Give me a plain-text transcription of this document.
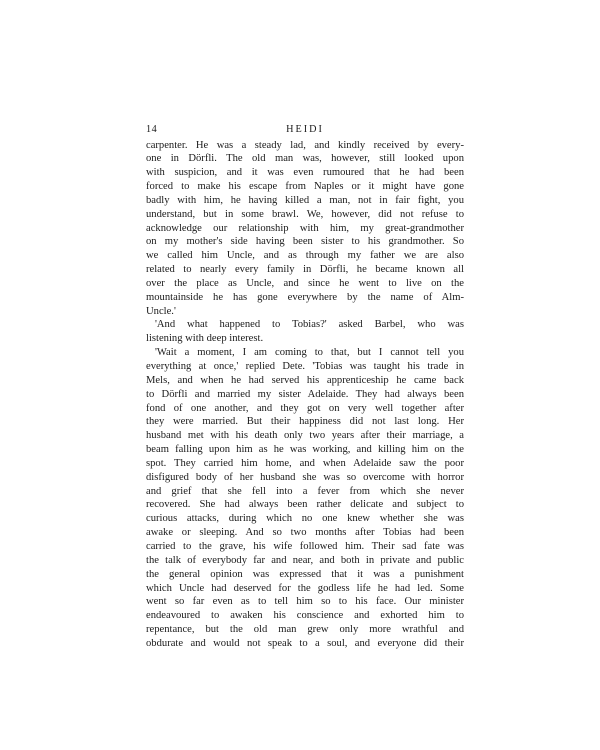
14	HEIDI
carpenter. He was a steady lad, and kindly received by every-
one in Dörfli. The old man was, however, still looked upon
with suspicion, and it was even rumoured that he had been
forced to make his escape from Naples or it might have gone
badly with him, he having killed a man, not in fair fight, you
understand, but in some brawl. We, however, did not refuse to
acknowledge our relationship with him, my great-grandmother
on my mother's side having been sister to his grandmother. So
we called him Uncle, and as through my father we are also
related to nearly every family in Dörfli, he became known all
over the place as Uncle, and since he went to live on the
mountainside he has gone everywhere by the name of Alm-
Uncle.'
'And what happened to Tobias?' asked Barbel, who was
listening with deep interest.
'Wait a moment, I am coming to that, but I cannot tell you
everything at once,' replied Dete. 'Tobias was taught his trade in
Mels, and when he had served his apprenticeship he came back
to Dörfli and married my sister Adelaide. They had always been
fond of one another, and they got on very well together after
they were married. But their happiness did not last long. Her
husband met with his death only two years after their marriage, a
beam falling upon him as he was working, and killing him on the
spot. They carried him home, and when Adelaide saw the poor
disfigured body of her husband she was so overcome with horror
and grief that she fell into a fever from which she never
recovered. She had always been rather delicate and subject to
curious attacks, during which no one knew whether she was
awake or sleeping. And so two months after Tobias had been
carried to the grave, his wife followed him. Their sad fate was
the talk of everybody far and near, and both in private and public
the general opinion was expressed that it was a punishment
which Uncle had deserved for the godless life he had led. Some
went so far even as to tell him so to his face. Our minister
endeavoured to awaken his conscience and exhorted him to
repentance, but the old man grew only more wrathful and
obdurate and would not speak to a soul, and everyone did their
